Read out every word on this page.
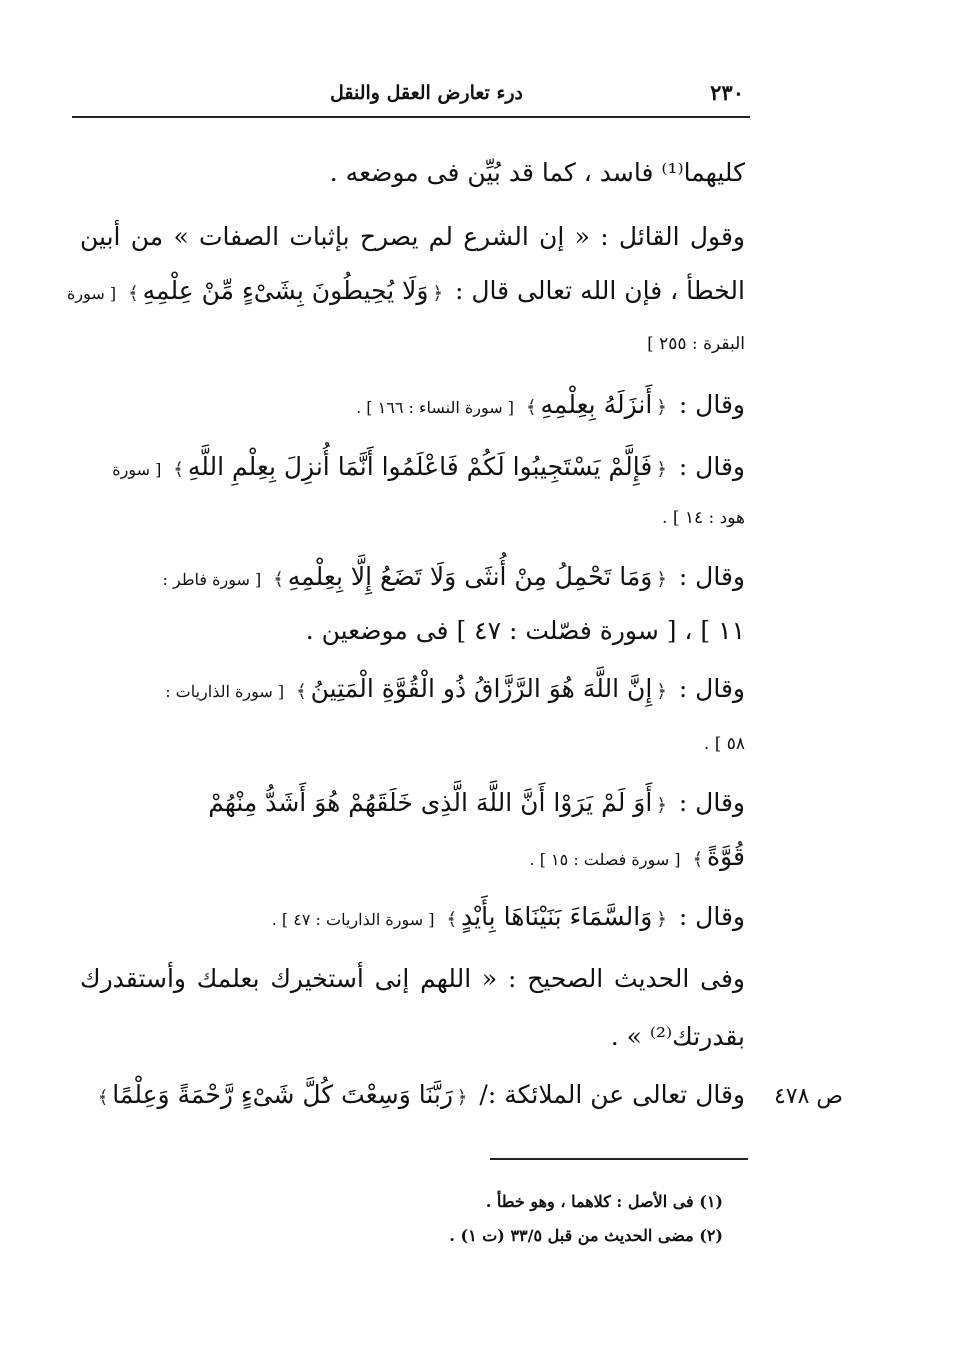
٢٣٠
درء تعارض العقل والنقل
كليهما⁽¹⁾ فاسد ، كما قد بُيِّن فى موضعه .
وقول القائل : « إن الشرع لم يصرح بإثبات الصفات » من أبين
الخطأ ، فإن الله تعالى قال : ﴿وَلَا يُحِيطُونَ بِشَىْءٍ مِّنْ عِلْمِهِ﴾ [ سورة
البقرة : ٢٥٥ ]
وقال : ﴿أَنزَلَهُ بِعِلْمِهِ﴾ [ سورة النساء : ١٦٦ ] .
وقال : ﴿فَإِلَّمْ يَسْتَجِيبُوا لَكُمْ فَاعْلَمُوا أَنَّمَا أُنزِلَ بِعِلْمِ اللَّهِ﴾ [ سورة
هود : ١٤ ] .
وقال : ﴿وَمَا تَحْمِلُ مِنْ أُنثَى وَلَا تَضَعُ إِلَّا بِعِلْمِهِ﴾ [ سورة فاطر :
١١ ] ، [ سورة فصّلت : ٤٧ ] فى موضعين .
وقال : ﴿إِنَّ اللَّهَ هُوَ الرَّزَّاقُ ذُو الْقُوَّةِ الْمَتِينُ﴾ [ سورة الذاريات :
٥٨ ] .
وقال : ﴿أَوَ لَمْ يَرَوْا أَنَّ اللَّهَ الَّذِى خَلَقَهُمْ هُوَ أَشَدُّ مِنْهُمْ
قُوَّةً﴾ [ سورة فصلت : ١٥ ] .
وقال : ﴿وَالسَّمَاءَ بَنَيْنَاهَا بِأَيْدٍ﴾ [ سورة الذاريات : ٤٧ ] .
وفى الحديث الصحيح : « اللهم إنى أستخيرك بعلمك وأستقدرك
بقدرتك⁽²⁾ » .
وقال تعالى عن الملائكة :/ ﴿رَبَّنَا وَسِعْتَ كُلَّ شَىْءٍ رَّحْمَةً وَعِلْمًا﴾	ص ٤٧٨
(١) فى الأصل : كلاهما ، وهو خطأ .
(٢) مضى الحديث من قبل ٣٣/٥ (ت ١) .
